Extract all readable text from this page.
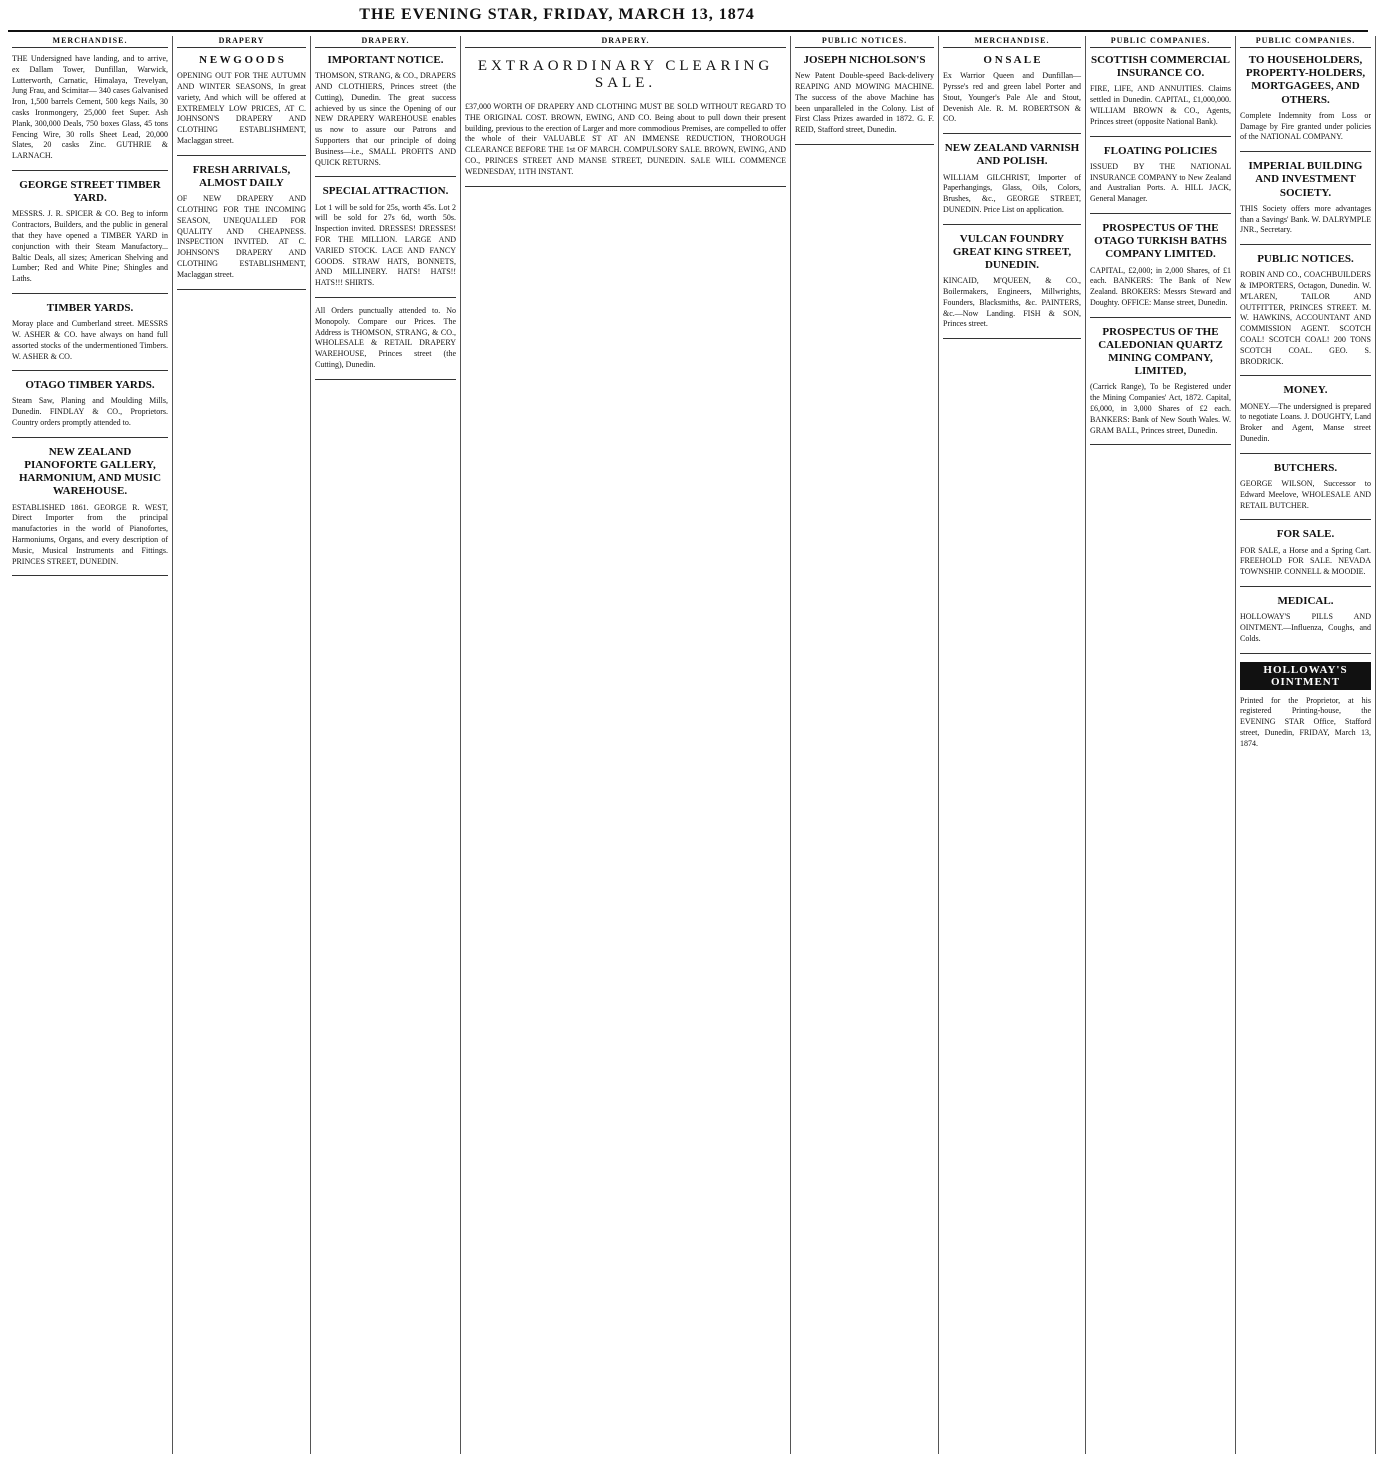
THE EVENING STAR, FRIDAY, MARCH 13, 1874
MERCHANDISE.
THE Undersigned have landing, and to arrive, ex Dallam Tower, Dunfillan, Warwick, Lutterworth, Carnatic, Himalaya, Trevelyan, Jung Frau, and Scimitar— 340 cases Galvanised Iron, 1,500 barrels Cement, 500 kegs Nails, 30 casks Ironmongery, 25,000 feet Super. Ash Plank, 300,000 Deals, 750 boxes Glass, 45 tons Fencing Wire, 30 rolls Sheet Lead, 20,000 Slates, 20 casks Zinc. GUTHRIE & LARNACH.
GEORGE STREET TIMBER YARD.
MESSRS. J. R. SPICER & CO. Beg to inform Contractors, Builders, and the public in general that they have opened a TIMBER YARD in conjunction with their Steam Manufactory... Baltic Deals, all sizes; American Shelving and Lumber; Red and White Pine; Shingles and Laths.
TIMBER YARDS.
Moray place and Cumberland street. MESSRS W. ASHER & CO. have always on hand full assorted stocks of the undermentioned Timbers. W. ASHER & CO.
OTAGO TIMBER YARDS.
Steam Saw, Planing and Moulding Mills, Dunedin. FINDLAY & CO., Proprietors. Country orders promptly attended to.
NEW ZEALAND PIANOFORTE GALLERY, HARMONIUM, AND MUSIC WAREHOUSE.
ESTABLISHED 1861. GEORGE R. WEST, Direct Importer from the principal manufactories in the world of Pianofortes, Harmoniums, Organs, and every description of Music, Musical Instruments and Fittings. PRINCES STREET, DUNEDIN.
DRAPERY
N E W G O O D S
OPENING OUT FOR THE AUTUMN AND WINTER SEASONS, In great variety, And which will be offered at EXTREMELY LOW PRICES, AT C. JOHNSON'S DRAPERY AND CLOTHING ESTABLISHMENT, Maclaggan street.
FRESH ARRIVALS, ALMOST DAILY
OF NEW DRAPERY AND CLOTHING FOR THE INCOMING SEASON, UNEQUALLED FOR QUALITY AND CHEAPNESS. INSPECTION INVITED. AT C. JOHNSON'S DRAPERY AND CLOTHING ESTABLISHMENT, Maclaggan street.
DRAPERY.
IMPORTANT NOTICE.
THOMSON, STRANG, & CO., DRAPERS AND CLOTHIERS, Princes street (the Cutting), Dunedin. The great success achieved by us since the Opening of our NEW DRAPERY WAREHOUSE enables us now to assure our Patrons and Supporters that our principle of doing Business—i.e., SMALL PROFITS AND QUICK RETURNS.
SPECIAL ATTRACTION.
Lot 1 will be sold for 25s, worth 45s. Lot 2 will be sold for 27s 6d, worth 50s. Inspection invited. DRESSES! DRESSES! FOR THE MILLION. LARGE AND VARIED STOCK. LACE AND FANCY GOODS. STRAW HATS, BONNETS, AND MILLINERY. HATS! HATS!! HATS!!! SHIRTS.
All Orders punctually attended to. No Monopoly. Compare our Prices. The Address is THOMSON, STRANG, & CO., WHOLESALE & RETAIL DRAPERY WAREHOUSE, Princes street (the Cutting), Dunedin.
DRAPERY.
EXTRAORDINARY CLEARING SALE.
£37,000 WORTH OF DRAPERY AND CLOTHING MUST BE SOLD WITHOUT REGARD TO THE ORIGINAL COST. BROWN, EWING, AND CO. Being about to pull down their present building, previous to the erection of Larger and more commodious Premises, are compelled to offer the whole of their VALUABLE ST AT AN IMMENSE REDUCTION, THOROUGH CLEARANCE BEFORE THE 1st OF MARCH. COMPULSORY SALE. BROWN, EWING, AND CO., PRINCES STREET AND MANSE STREET, DUNEDIN. SALE WILL COMMENCE WEDNESDAY, 11TH INSTANT.
PUBLIC NOTICES.
JOSEPH NICHOLSON'S
New Patent Double-speed Back-delivery REAPING AND MOWING MACHINE. The success of the above Machine has been unparalleled in the Colony. List of First Class Prizes awarded in 1872. G. F. REID, Stafford street, Dunedin.
MERCHANDISE.
O N S A L E
Ex Warrior Queen and Dunfillan— Pyrsse's red and green label Porter and Stout, Younger's Pale Ale and Stout, Devenish Ale. R. M. ROBERTSON & CO.
NEW ZEALAND VARNISH AND POLISH.
WILLIAM GILCHRIST, Importer of Paperhangings, Glass, Oils, Colors, Brushes, &c., GEORGE STREET, DUNEDIN. Price List on application.
VULCAN FOUNDRY GREAT KING STREET, DUNEDIN.
KINCAID, M'QUEEN, & CO., Boilermakers, Engineers, Millwrights, Founders, Blacksmiths, &c. PAINTERS, &c.—Now Landing. FISH & SON, Princes street.
PUBLIC COMPANIES.
SCOTTISH COMMERCIAL INSURANCE CO.
FIRE, LIFE, AND ANNUITIES. Claims settled in Dunedin. CAPITAL, £1,000,000. WILLIAM BROWN & CO., Agents, Princes street (opposite National Bank).
FLOATING POLICIES
ISSUED BY THE NATIONAL INSURANCE COMPANY to New Zealand and Australian Ports. A. HILL JACK, General Manager.
PROSPECTUS OF THE OTAGO TURKISH BATHS COMPANY LIMITED.
CAPITAL, £2,000; in 2,000 Shares, of £1 each. BANKERS: The Bank of New Zealand. BROKERS: Messrs Steward and Doughty. OFFICE: Manse street, Dunedin.
PROSPECTUS OF THE CALEDONIAN QUARTZ MINING COMPANY, LIMITED,
(Carrick Range), To be Registered under the Mining Companies' Act, 1872. Capital, £6,000, in 3,000 Shares of £2 each. BANKERS: Bank of New South Wales. W. GRAM BALL, Princes street, Dunedin.
PUBLIC COMPANIES.
TO HOUSEHOLDERS, PROPERTY-HOLDERS, MORTGAGEES, AND OTHERS.
Complete Indemnity from Loss or Damage by Fire granted under policies of the NATIONAL COMPANY.
IMPERIAL BUILDING AND INVESTMENT SOCIETY.
THIS Society offers more advantages than a Savings' Bank. W. DALRYMPLE JNR., Secretary.
PUBLIC NOTICES.
ROBIN AND CO., COACHBUILDERS & IMPORTERS, Octagon, Dunedin. W. M'LAREN, TAILOR AND OUTFITTER, PRINCES STREET. M. W. HAWKINS, ACCOUNTANT AND COMMISSION AGENT. SCOTCH COAL! SCOTCH COAL! 200 TONS SCOTCH COAL. GEO. S. BRODRICK.
MONEY.
MONEY.—The undersigned is prepared to negotiate Loans. J. DOUGHTY, Land Broker and Agent, Manse street Dunedin.
BUTCHERS.
GEORGE WILSON, Successor to Edward Meelove, WHOLESALE AND RETAIL BUTCHER.
FOR SALE.
FOR SALE, a Horse and a Spring Cart. FREEHOLD FOR SALE. NEVADA TOWNSHIP. CONNELL & MOODIE.
MEDICAL.
HOLLOWAY'S PILLS AND OINTMENT.—Influenza, Coughs, and Colds.
HOLLOWAY'S OINTMENT
Printed for the Proprietor, at his registered Printing-house, the EVENING STAR Office, Stafford street, Dunedin, FRIDAY, March 13, 1874.
